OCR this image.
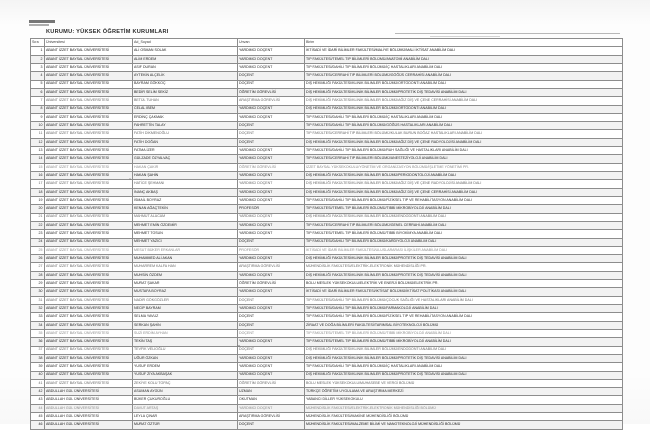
KURUMU: YÜKSEK ÖĞRETİM KURUMLARI
Sıra	Üniversitesi	Ad_Soyad	Unvan	Birim
1	ABANT İZZET BAYSAL ÜNİVERSİTESİ	ALİ OSMAN SOLAK	YARDIMCI DOÇENT	İKTİSADİ VE İDARİ BİLİMLER FAKÜLTESİ/MALİYE BÖLÜMÜ/MALİ İKTİSAT ANABİLİM DALI
2	ABANT İZZET BAYSAL ÜNİVERSİTESİ	ALİM ERDEM	YARDIMCI DOÇENT	TIP FAKÜLTESİ/TEMEL TIP BİLİMLERİ BÖLÜMÜ/ANATOMİ ANABİLİM DALI
3	ABANT İZZET BAYSAL ÜNİVERSİTESİ	ASIF DURAN	YARDIMCI DOÇENT	TIP FAKÜLTESİ/DAHİLİ TIP BİLİMLERİ BÖLÜMÜ/İÇ HASTALIKLARI ANABİLİM DALI
4	ABANT İZZET BAYSAL ÜNİVERSİTESİ	AYTEKİN ALÇELİK	DOÇENT	TIP FAKÜLTESİ/CERRAHİ TIP BİLİMLERİ BÖLÜMÜ/GÖĞÜS CERRAHİSİ ANABİLİM DALI
5	ABANT İZZET BAYSAL ÜNİVERSİTESİ	BAYRAM GÖKKOÇ	DOÇENT	DİŞ HEKİMLİĞİ FAKÜLTESİ/KLİNİK BİLİMLER BÖLÜMÜ/ORTODONTİ ANABİLİM DALI
6	ABANT İZZET BAYSAL ÜNİVERSİTESİ	BEDİR SELİM SEKİZ	ÖĞRETİM GÖREVLİSİ	DİŞ HEKİMLİĞİ FAKÜLTESİ/KLİNİK BİLİMLER BÖLÜMÜ/PROTETİK DİŞ TEDAVİSİ ANABİLİM DALI
7	ABANT İZZET BAYSAL ÜNİVERSİTESİ	BETÜL TUHAN	ARAŞTIRMA GÖREVLİSİ	DİŞ HEKİMLİĞİ FAKÜLTESİ/KLİNİK BİLİMLER BÖLÜMÜ/AĞIZ DİŞ VE ÇENE CERRAHİSİ ANABİLİM DALI
8	ABANT İZZET BAYSAL ÜNİVERSİTESİ	CELAL İBEM	YARDIMCI DOÇENT	DİŞ HEKİMLİĞİ FAKÜLTESİ/KLİNİK BİLİMLER BÖLÜMÜ/ORTODONTİ ANABİLİM DALI
9	ABANT İZZET BAYSAL ÜNİVERSİTESİ	ERDİNÇ ÇAKMAK	YARDIMCI DOÇENT	TIP FAKÜLTESİ/DAHİLİ TIP BİLİMLERİ BÖLÜMÜ/İÇ HASTALIKLARI ANABİLİM DALI
10	ABANT İZZET BAYSAL ÜNİVERSİTESİ	FAHRETTİN TALAY	DOÇENT	TIP FAKÜLTESİ/DAHİLİ TIP BİLİMLERİ BÖLÜMÜ/GÖĞÜS HASTALIKLARI ANABİLİM DALI
11	ABANT İZZET BAYSAL ÜNİVERSİTESİ	FATİH DİKMENOĞLU	DOÇENT	TIP FAKÜLTESİ/CERRAHİ TIP BİLİMLERİ BÖLÜMÜ/KULAK BURUN BOĞAZ HASTALIKLARI ANABİLİM DALI
12	ABANT İZZET BAYSAL ÜNİVERSİTESİ	FATİH DOĞAN	DOÇENT	DİŞ HEKİMLİĞİ FAKÜLTESİ/KLİNİK BİLİMLER BÖLÜMÜ/AĞIZ DİŞ VE ÇENE RADYOLOJİSİ ANABİLİM DALI
13	ABANT İZZET BAYSAL ÜNİVERSİTESİ	FATMA İZER	YARDIMCI DOÇENT	TIP FAKÜLTESİ/DAHİLİ TIP BİLİMLERİ BÖLÜMÜ/RUH SAĞLIĞI VE HASTALIKLARI ANABİLİM DALI
14	ABANT İZZET BAYSAL ÜNİVERSİTESİ	GÜLZADE ÖZYALVAÇ	YARDIMCI DOÇENT	TIP FAKÜLTESİ/CERRAHİ TIP BİLİMLERİ BÖLÜMÜ/ANESTEZİYOLOJİ ANABİLİM DALI
15	ABANT İZZET BAYSAL ÜNİVERSİTESİ	HAKAN ÇAKIR	ÖĞRETİM GÖREVLİSİ	İZZET BAYSAL YÜKSEKOKULU/YÖNETİM VE ORGANİZASYON BÖLÜMÜ/İŞLETME YÖNETİMİ PR.
16	ABANT İZZET BAYSAL ÜNİVERSİTESİ	HAKAN ŞAHİN	YARDIMCI DOÇENT	DİŞ HEKİMLİĞİ FAKÜLTESİ/KLİNİK BİLİMLER BÖLÜMÜ/PERİODONTOLOJİ ANABİLİM DALI
17	ABANT İZZET BAYSAL ÜNİVERSİTESİ	HATİCE ŞEHMANI	YARDIMCI DOÇENT	DİŞ HEKİMLİĞİ FAKÜLTESİ/KLİNİK BİLİMLER BÖLÜMÜ/AĞIZ DİŞ VE ÇENE RADYOLOJİSİ ANABİLİM DALI
18	ABANT İZZET BAYSAL ÜNİVERSİTESİ	İNANÇ AKBAŞ	YARDIMCI DOÇENT	DİŞ HEKİMLİĞİ FAKÜLTESİ/KLİNİK BİLİMLER BÖLÜMÜ/AĞIZ DİŞ VE ÇENE CERRAHİSİ ANABİLİM DALI
19	ABANT İZZET BAYSAL ÜNİVERSİTESİ	İSMAİL BOYRAZ	YARDIMCI DOÇENT	TIP FAKÜLTESİ/DAHİLİ TIP BİLİMLERİ BÖLÜMÜ/FİZİKSEL TIP VE REHABİLİTASYON ANABİLİM DALI
20	ABANT İZZET BAYSAL ÜNİVERSİTESİ	KENAN AĞAÇTEKİN	PROFESÖR	TIP FAKÜLTESİ/TEMEL TIP BİLİMLERİ BÖLÜMÜ/TIBBİ MİKROBİYOLOJİ ANABİLİM DALI
21	ABANT İZZET BAYSAL ÜNİVERSİTESİ	MAHMUT ALACAM	YARDIMCI DOÇENT	DİŞ HEKİMLİĞİ FAKÜLTESİ/KLİNİK BİLİMLER BÖLÜMÜ/ENDODONTİ ANABİLİM DALI
22	ABANT İZZET BAYSAL ÜNİVERSİTESİ	MEHMET EMİN ÖZDEMİR	YARDIMCI DOÇENT	TIP FAKÜLTESİ/CERRAHİ TIP BİLİMLERİ BÖLÜMÜ/GENEL CERRAHİ ANABİLİM DALI
23	ABANT İZZET BAYSAL ÜNİVERSİTESİ	MEHMET TOSUN	YARDIMCI DOÇENT	TIP FAKÜLTESİ/TEMEL TIP BİLİMLERİ BÖLÜMÜ/TIBBİ BİYOKİMYA ANABİLİM DALI
24	ABANT İZZET BAYSAL ÜNİVERSİTESİ	MEHMET YAZICI	DOÇENT	TIP FAKÜLTESİ/DAHİLİ TIP BİLİMLERİ BÖLÜMÜ/KARDİYOLOJİ ANABİLİM DALI
25	ABANT İZZET BAYSAL ÜNİVERSİTESİ	MESUT BÜKER ERKANLAR	PROFESÖR	İKTİSADİ VE İDARİ BİLİMLER FAKÜLTESİ/ULUSLARARASI İLİŞKİLER ANABİLİM DALI
26	ABANT İZZET BAYSAL ÜNİVERSİTESİ	MUHAMMED ALİ AKAN	YARDIMCI DOÇENT	DİŞ HEKİMLİĞİ FAKÜLTESİ/KLİNİK BİLİMLER BÖLÜMÜ/PROTETİK DİŞ TEDAVİSİ ANABİLİM DALI
27	ABANT İZZET BAYSAL ÜNİVERSİTESİ	MUHARREM KALFA HAN	ARAŞTIRMA GÖREVLİSİ	MÜHENDİSLİK FAKÜLTESİ/ELEKTRİK-ELEKTRONİK MÜHENDİSLİĞİ PR.
28	ABANT İZZET BAYSAL ÜNİVERSİTESİ	MUHSİN ÖZDEM	YARDIMCI DOÇENT	DİŞ HEKİMLİĞİ FAKÜLTESİ/KLİNİK BİLİMLER BÖLÜMÜ/PROTETİK DİŞ TEDAVİSİ ANABİLİM DALI
29	ABANT İZZET BAYSAL ÜNİVERSİTESİ	MURAT ŞAKAR	ÖĞRETİM GÖREVLİSİ	BOLU MESLEK YÜKSEKOKULU/ELEKTRİK VE ENERJİ BÖLÜMÜ/ELEKTRİK PR.
30	ABANT İZZET BAYSAL ÜNİVERSİTESİ	MUSTAFA BOYRAZ	YARDIMCI DOÇENT	İKTİSADİ VE İDARİ BİLİMLER FAKÜLTESİ/İKTİSAT BÖLÜMÜ/İKTİSAT POLİTİKASI ANABİLİM DALI
31	ABANT İZZET BAYSAL ÜNİVERSİTESİ	NADİR GÖKGÖZLER	DOÇENT	TIP FAKÜLTESİ/DAHİLİ TIP BİLİMLERİ BÖLÜMÜ/ÇOCUK SAĞLIĞI VE HASTALIKLARI ANABİLİM DALI
32	ABANT İZZET BAYSAL ÜNİVERSİTESİ	NECİP BAYRAM	YARDIMCI DOÇENT	TIP FAKÜLTESİ/DAHİLİ TIP BİLİMLERİ BÖLÜMÜ/FARMAKOLOJİ ANABİLİM DALI
33	ABANT İZZET BAYSAL ÜNİVERSİTESİ	SELMA YAVUZ	DOÇENT	TIP FAKÜLTESİ/DAHİLİ TIP BİLİMLERİ BÖLÜMÜ/FİZİKSEL TIP VE REHABİLİTASYON ANABİLİM DALI
34	ABANT İZZET BAYSAL ÜNİVERSİTESİ	SERKAN ŞAHİN	DOÇENT	ZİRAAT VE DOĞA BİLİMLERİ FAKÜLTESİ/TARIMSAL BİYOTEKNOLOJİ BÖLÜMÜ
35	ABANT İZZET BAYSAL ÜNİVERSİTESİ	SUZİ ERDİM AYHAN	DOÇENT	TIP FAKÜLTESİ/TEMEL TIP BİLİMLERİ BÖLÜMÜ/TIBBİ MİKROBİYOLOJİ ANABİLİM DALI
36	ABANT İZZET BAYSAL ÜNİVERSİTESİ	TEKİN TAŞ	YARDIMCI DOÇENT	TIP FAKÜLTESİ/TEMEL TIP BİLİMLERİ BÖLÜMÜ/TIBBİ MİKROBİYOLOJİ ANABİLİM DALI
37	ABANT İZZET BAYSAL ÜNİVERSİTESİ	TEVFİK VELİOĞLU	DOÇENT	DİŞ HEKİMLİĞİ FAKÜLTESİ/KLİNİK BİLİMLER BÖLÜMÜ/ENDODONTİ ANABİLİM DALI
38	ABANT İZZET BAYSAL ÜNİVERSİTESİ	UĞUR ÖZKAN	YARDIMCI DOÇENT	DİŞ HEKİMLİĞİ FAKÜLTESİ/KLİNİK BİLİMLER BÖLÜMÜ/PROTETİK DİŞ TEDAVİSİ ANABİLİM DALI
39	ABANT İZZET BAYSAL ÜNİVERSİTESİ	YUSUF ERDEM	YARDIMCI DOÇENT	TIP FAKÜLTESİ/DAHİLİ TIP BİLİMLERİ BÖLÜMÜ/İÇ HASTALIKLARI ANABİLİM DALI
40	ABANT İZZET BAYSAL ÜNİVERSİTESİ	YUSUF ZİYA AKBAŞAK	YARDIMCI DOÇENT	DİŞ HEKİMLİĞİ FAKÜLTESİ/KLİNİK BİLİMLER BÖLÜMÜ/PROTETİK DİŞ TEDAVİSİ ANABİLİM DALI
41	ABANT İZZET BAYSAL ÜNİVERSİTESİ	ZEKİYE KOLU TOPAÇ	ÖĞRETİM GÖREVLİSİ	BOLU MESLEK YÜKSEKOKULU/MUHASEBE VE VERGİ BÖLÜMÜ
42	ABDULLAH GÜL ÜNİVERSİTESİ	ASUMAN AYGÜN	UZMAN	TÜRKÇE ÖĞRETİM UYGULAMA VE ARAŞTIRMA MERKEZİ
43	ABDULLAH GÜL ÜNİVERSİTESİ	BÜKER ÇUKUROĞLU	OKUTMAN	YABANCI DİLLER YÜKSEKOKULU
44	ABDULLAH GÜL ÜNİVERSİTESİ	DAVUT ARTAŞ	YARDIMCI DOÇENT	MÜHENDİSLİK FAKÜLTESİ/ELEKTRİK-ELEKTRONİK MÜHENDİSLİĞİ BÖLÜMÜ
45	ABDULLAH GÜL ÜNİVERSİTESİ	LEYLA ÇINAR	ARAŞTIRMA GÖREVLİSİ	MÜHENDİSLİK FAKÜLTESİ/MAKİNE MÜHENDİSLİĞİ BÖLÜMÜ
46	ABDULLAH GÜL ÜNİVERSİTESİ	MURAT ÖZTÜR	DOÇENT	MÜHENDİSLİK FAKÜLTESİ/MALZEME BİLİMİ VE NANOTEKNOLOJİ MÜHENDİSLİĞİ BÖLÜMÜ
